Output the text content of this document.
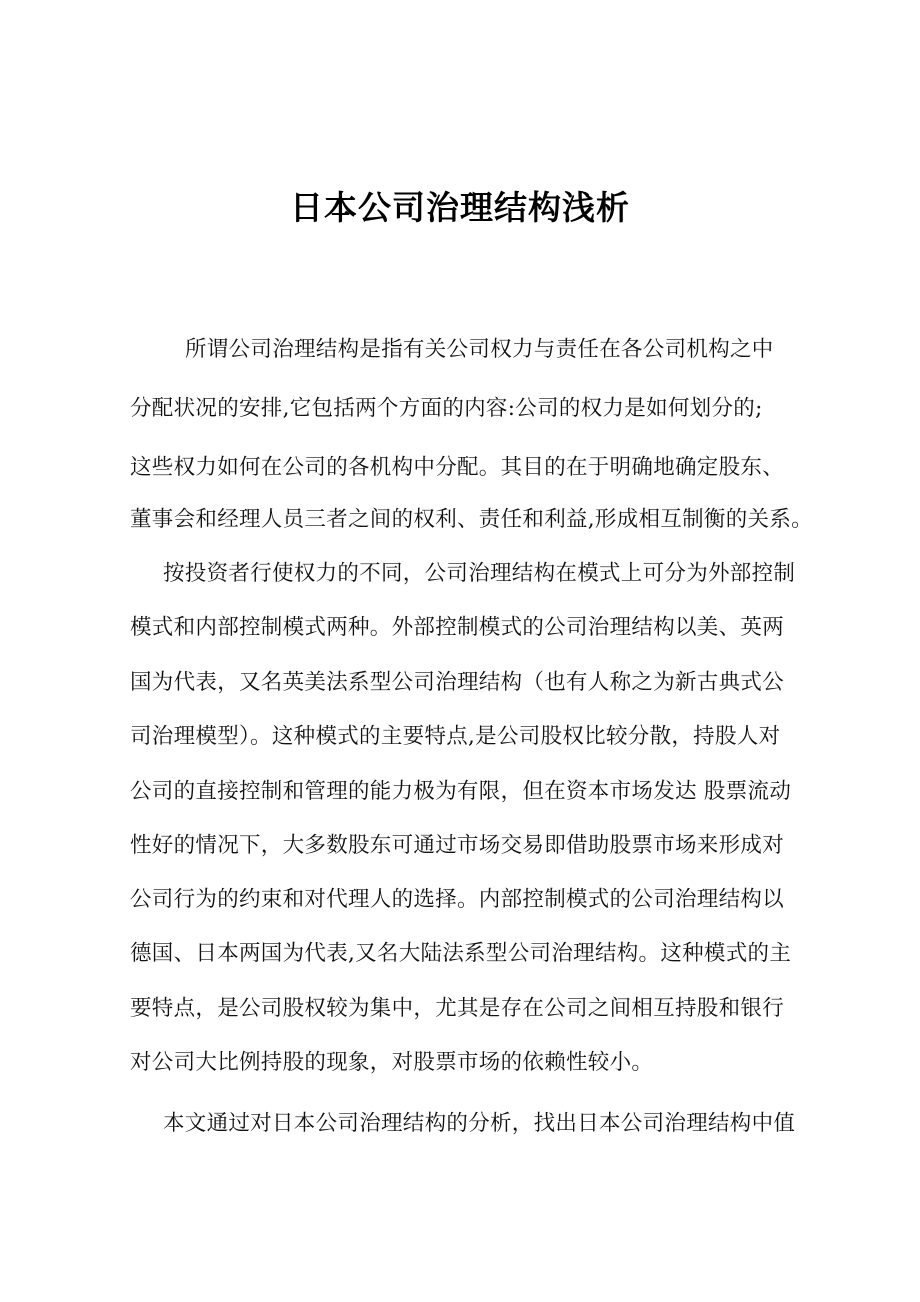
日本公司治理结构浅析
所谓公司治理结构是指有关公司权力与责任在各公司机构之中
分配状况的安排,它包括两个方面的内容:公司的权力是如何划分的;
这些权力如何在公司的各机构中分配。其目的在于明确地确定股东、
董事会和经理人员三者之间的权利、责任和利益,形成相互制衡的关系。
按投资者行使权力的不同，公司治理结构在模式上可分为外部控制
模式和内部控制模式两种。外部控制模式的公司治理结构以美、英两
国为代表，又名英美法系型公司治理结构（也有人称之为新古典式公
司治理模型）。这种模式的主要特点,是公司股权比较分散，持股人对
公司的直接控制和管理的能力极为有限，但在资本市场发达 股票流动
性好的情况下，大多数股东可通过市场交易即借助股票市场来形成对
公司行为的约束和对代理人的选择。内部控制模式的公司治理结构以
德国、日本两国为代表,又名大陆法系型公司治理结构。这种模式的主
要特点，是公司股权较为集中，尤其是存在公司之间相互持股和银行
对公司大比例持股的现象，对股票市场的依赖性较小。
本文通过对日本公司治理结构的分析，找出日本公司治理结构中值
